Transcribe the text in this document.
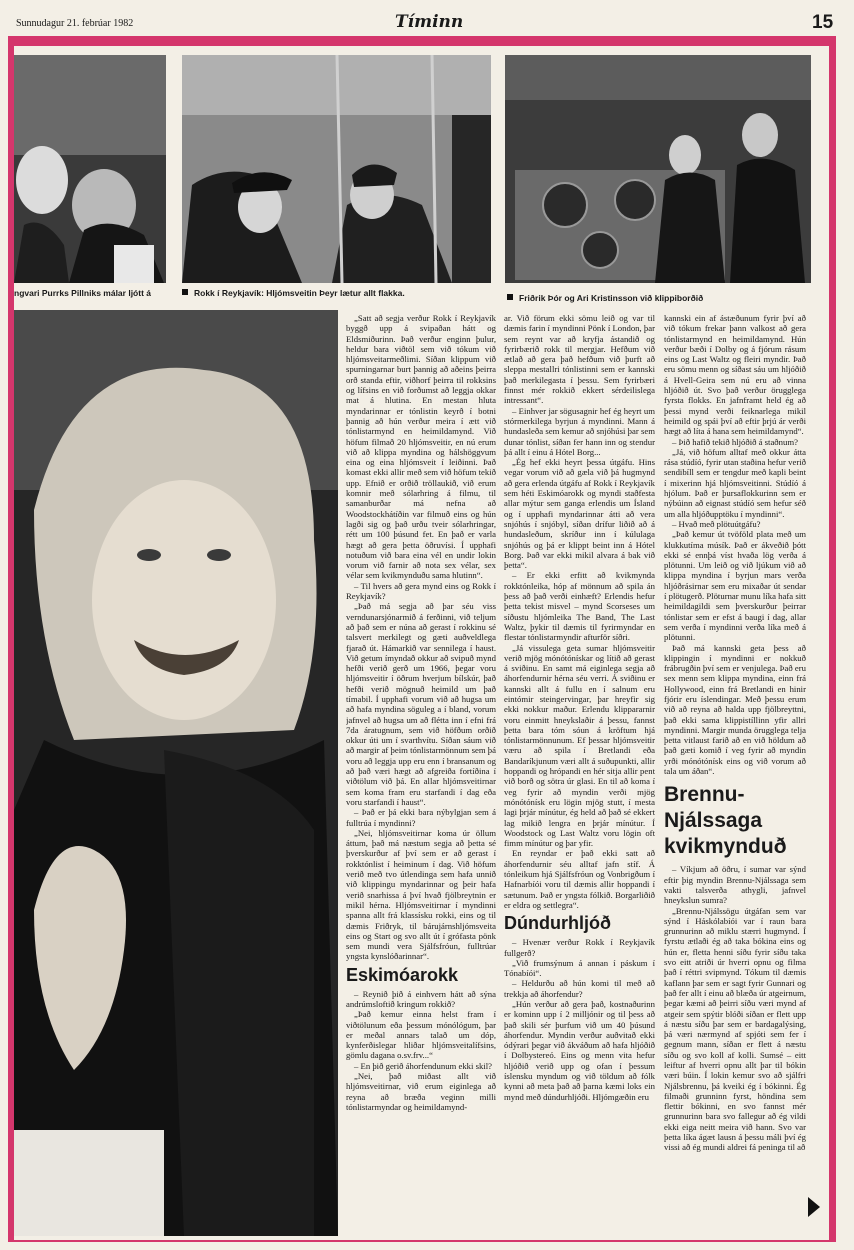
Sunnudagur 21. febrúar 1982	Tíminn	15
ngvari Purrks Pillniks málar ljótt á	Rokk í Reykjavík: Hljómsveitin Þeyr lætur allt flakka.	Friðrik Þór og Ari Kristinsson við klippiborðið

„Satt að segja verður Rokk í Reykjavík byggð upp á svipaðan hátt og Eldsmiðurinn. Það verður enginn þulur, heldur bara viðtöl sem við tókum við hljómsveitarmeðlimi. Síðan klippum við spurningarnar burt þannig að aðeins þeirra orð standa eftir, viðhorf þeirra til rokksins og lífsins en við forðumst að leggja okkar mat á hlutina. En mestan hluta myndarinnar er tónlistin keyrð í botni þannig að hún verður meira í ætt við tónlistarmynd en heimildamynd. Við höfum filmað 20 hljómsveitir, en nú erum við að klippa myndina og hálshöggvum eina og eina hljómsveit í leiðinni. Það komast ekki allir með sem við höfum tekið upp. Efnið er orðið tröllaukið, við erum komnir með sólarhring á filmu, til samanburðar má nefna að Woodstockhátíðin var filmuð eins og hún lagði sig og það urðu tveir sólarhringar, rétt um 100 þúsund fet. En það er varla hægt að gera þetta öðruvísi. Í upphafi notuðum við bara eina vél en undir lokin vorum við farnir að nota sex vélar, sex vélar sem kvikmynduðu sama hlutinn“.

– Til hvers að gera mynd eins og Rokk í Reykjavík?

„Það má segja að þar séu viss verndunarsjónarmið á ferðinni, við teljum að það sem er núna að gerast í rokkinu sé talsvert merkilegt og gæti auðveldlega fjarað út. Hámarkið var sennilega í haust. Við getum ímyndað okkur að svipuð mynd hefði verið gerð um 1966, þegar voru hljómsveitir í öðrum hverjum bílskúr, það hefði verið mögnuð heimild um það tímabil. Í upphafi vorum við að hugsa um að hafa myndina söguleg a í bland, vorum jafnvel að hugsa um að flétta inn í efni frá 7da áratugnum, sem við höfðum orðið okkur úti um í svarthvítu. Síðan sáum við að margir af þeim tónlistarmönnum sem þá voru að leggja upp eru enn í bransanum og að það væri hægt að afgreiða fortíðina í viðtölum við þá. En allar hljómsveitirnar sem koma fram eru starfandi í dag eða voru starfandi í haust“.

– Það er þá ekki bara nýbylgjan sem á fulltrúa í myndinni?

„Nei, hljómsveitirnar koma úr öllum áttum, það má næstum segja að þetta sé þverskurður af því sem er að gerast í rokktónlist í heiminum í dag. Við höfum verið með tvo útlendinga sem hafa unnið við klippingu myndarinnar og þeir hafa verið snarhissa á því hvað fjölbreytnin er mikil hérna. Hljómsveitirnar í myndinni spanna allt frá klassísku rokki, eins og til dæmis Friðryk, til bárujárnshljómsveita eins og Start og svo allt út í grófasta pönk sem mundi vera Sjálfsfróun, fulltrúar yngsta kynslóðarinnar“.

Eskimóarokk

– Reynið þið á einhvern hátt að sýna andrúmsloftið kringum rokkið?

„Það kemur einna helst fram í viðtölunum eða þessum mónólógum, þar er meðal annars talað um dóp, kynferðislegar hliðar hljómsveitalífsins, gömlu dagana o.sv.frv...“

– En þið gerið áhorfendunum ekki skil?

„Nei, það miðast allt við hljómsveitirnar, við erum eiginlega að reyna að bræða veginn milli tónlistarmyndar og heimildamynd-

ar. Við förum ekki sömu leið og var til dæmis farin í myndinni Pönk í London, þar sem reynt var að kryfja ástandið og fyrirbærið rokk til mergjar. Hefðum við ætlað að gera það hefðum við þurft að sleppa mestallri tónlistinni sem er kannski það merkilegasta í þessu. Sem fyrirbæri finnst mér rokkið ekkert sérdeilislega intressant“.

– Einhver jar sögusagnir hef ég heyrt um stórmerkilega byrjun á myndinni. Mann á hundasleða sem kemur að snjóhúsi þar sem dunar tónlist, síðan fer hann inn og stendur þá allt í einu á Hótel Borg...

„Ég hef ekki heyrt þessa útgáfu. Hins vegar vorum við að gæla við þá hugmynd að gera erlenda útgáfu af Rokk í Reykjavík sem héti Eskimóarokk og myndi staðfesta allar mýtur sem ganga erlendis um Ísland og í upphafi myndarinnar átti að vera snjóhús í snjóbyl, síðan drífur liðið að á hundasleðum, skríður inn í kúlulaga snjóhús og þá er klippt beint inn á Hótel Borg. Það var ekki mikil alvara á bak við þetta“.

– Er ekki erfitt að kvikmynda rokktónleika, hóp af mönnum að spila án þess að það verði einhæft? Erlendis hefur þetta tekist misvel – mynd Scorseses um síðustu hljómleika The Band, The Last Waltz, þykir til dæmis til fyrirmyndar en flestar tónlistarmyndir afturför síðri.

„Já vissulega geta sumar hljómsveitir verið mjög mónótónískar og lítið að gerast á sviðinu. En samt má eiginlega segja að áhorfendurnir hérna séu verri. Á sviðinu er kannski allt á fullu en í salnum eru eintómir steingervingar, þar hreyfir sig ekki nokkur maður. Erlendu klippararnir voru einmitt hneykslaðir á þessu, fannst þetta bara tóm sóun á kröftum hjá tónlistarmönnunum. Ef þessar hljómsveitir væru að spila í Bretlandi eða Bandaríkjunum væri allt á suðupunkti, allir hoppandi og hrópandi en hér sitja allir pent við borð og sötra úr glasi. En til að koma í veg fyrir að myndin verði mjög mónótónísk eru lögin mjög stutt, í mesta lagi þrjár mínútur, ég held að það sé ekkert lag mikið lengra en þrjár mínútur. Í Woodstock og Last Waltz voru lögin oft fimm mínútur og þar yfir.

En reyndar er það ekki satt að áhorfendurnir séu alltaf jafn stíf. Á tónleikum hjá Sjálfsfróun og Vonbrigðum í Hafnarbíói voru til dæmis allir hoppandi í sætunum. Það er yngsta fólkið. Borgarliðið er eldra og settlegra“.

Dúndurhljóð

– Hvenær verður Rokk í Reykjavík fullgerð?

„Við frumsýnum á annan í páskum í Tónabíói“.

– Heldurðu að hún komi til með að trekkja að áhorfendur?

„Hún verður að gera það, kostnaðurinn er kominn upp í 2 milljónir og til þess að það skili sér þurfum við um 40 þúsund áhorfendur. Myndin verður auðvitað ekki ódýrari þegar við ákváðum að hafa hljóðið í Dolbystereó. Eins og menn vita hefur hljóðið verið upp og ofan í þessum íslensku myndum og við töldum að fólk kynni að meta það að þarna kæmi loks ein mynd með dúndurhljóði. Hljómgæðin eru

kannski ein af ástæðunum fyrir því að við tókum frekar þann valkost að gera tónlistarmynd en heimildamynd. Hún verður bæði í Dolby og á fjórum rásum eins og Last Waltz og fleiri myndir. Það eru sömu menn og síðast sáu um hljóðið á Hvell-Geira sem nú eru að vinna hljóðið út. Svo það verður örugglega fyrsta flokks. En jafnframt held ég að þessi mynd verði feiknarlega mikil heimild og spái því að eftir þrjú ár verði hægt að líta á hana sem heimildamynd“.

– Þið hafið tekið hljóðið á staðnum?

„Já, við höfum alltaf með okkur átta rása stúdíó, fyrir utan staðina hefur verið sendibíll sem er tengdur með kapli beint í mixerinn hjá hljómsveitinni. Stúdíó á hjólum. Það er þursaflokkurinn sem er nýbúinn að eignast stúdíó sem hefur séð um alla hljóðupptöku í myndinni“.

– Hvað með plötuútgáfu?

„Það kemur út tvöföld plata með um klukkutíma músík. Það er ákveðið þótt ekki sé ennþá víst hvaða lög verða á plötunni. Um leið og við ljúkum við að klippa myndina í byrjun mars verða hljóðrásirnar sem eru mixaðar út sendar í plötugerð. Plöturnar munu líka hafa sitt heimildagildi sem þverskurður þeirrar tónlistar sem er efst á baugi í dag, allar sem verða í myndinni verða líka með á plötunni.

Það má kannski geta þess að klippingin í myndinni er nokkuð frábrugðin því sem er venjulega. Það eru sex menn sem klippa myndina, einn frá Hollywood, einn frá Bretlandi en hinir fjórir eru íslendingar. Með þessu erum við að reyna að halda upp fjölbreyttni, það ekki sama klippistíllinn yfir allri myndinni. Margir munda örugglega telja þetta vitlaust farið að en við höldum að það gæti komið í veg fyrir að myndin yrði mónótónísk eins og við vorum að tala um áðan“.

Brennu-Njálssaga kvikmynduð

– Víkjum að öðru, í sumar var sýnd eftir þig myndin Brennu-Njálssaga sem vakti talsverða athygli, jafnvel hneykslun sumra?

„Brennu-Njálssögu útgáfan sem var sýnd í Háskólabíói var í raun bara grunnurinn að miklu stærri hugmynd. Í fyrstu ætlaði ég að taka bókina eins og hún er, fletta henni síðu fyrir síðu taka svo eitt atriði úr hverri opnu og filma það í réttri svipmynd. Tókum til dæmis kaflann þar sem er sagt fyrir Gunnari og það fer allt í einu að blæða úr atgeirnum, þegar kæmi að þeirri síðu væri mynd af atgeir sem spýtir blóði síðan er flett upp á næstu síðu þar sem er bardagalýsing, þá væri nærmynd af spjóti sem fer í gegnum mann, síðan er flett á næstu síðu og svo koll af kolli. Sumsé – eitt leiftur af hverri opnu allt þar til bókin væri búin. Í lokin kemur svo að sjálfri Njálsbrennu, þá kveiki ég í bókinni. Ég filmaði grunninn fyrst, höndina sem flettir bókinni, en svo fannst mér grunnurinn bara svo fallegur að ég vildi ekki eiga neitt meira við hann. Svo var þetta líka ágæt lausn á þessu máli því ég vissi að ég mundi aldrei fá peninga til að
